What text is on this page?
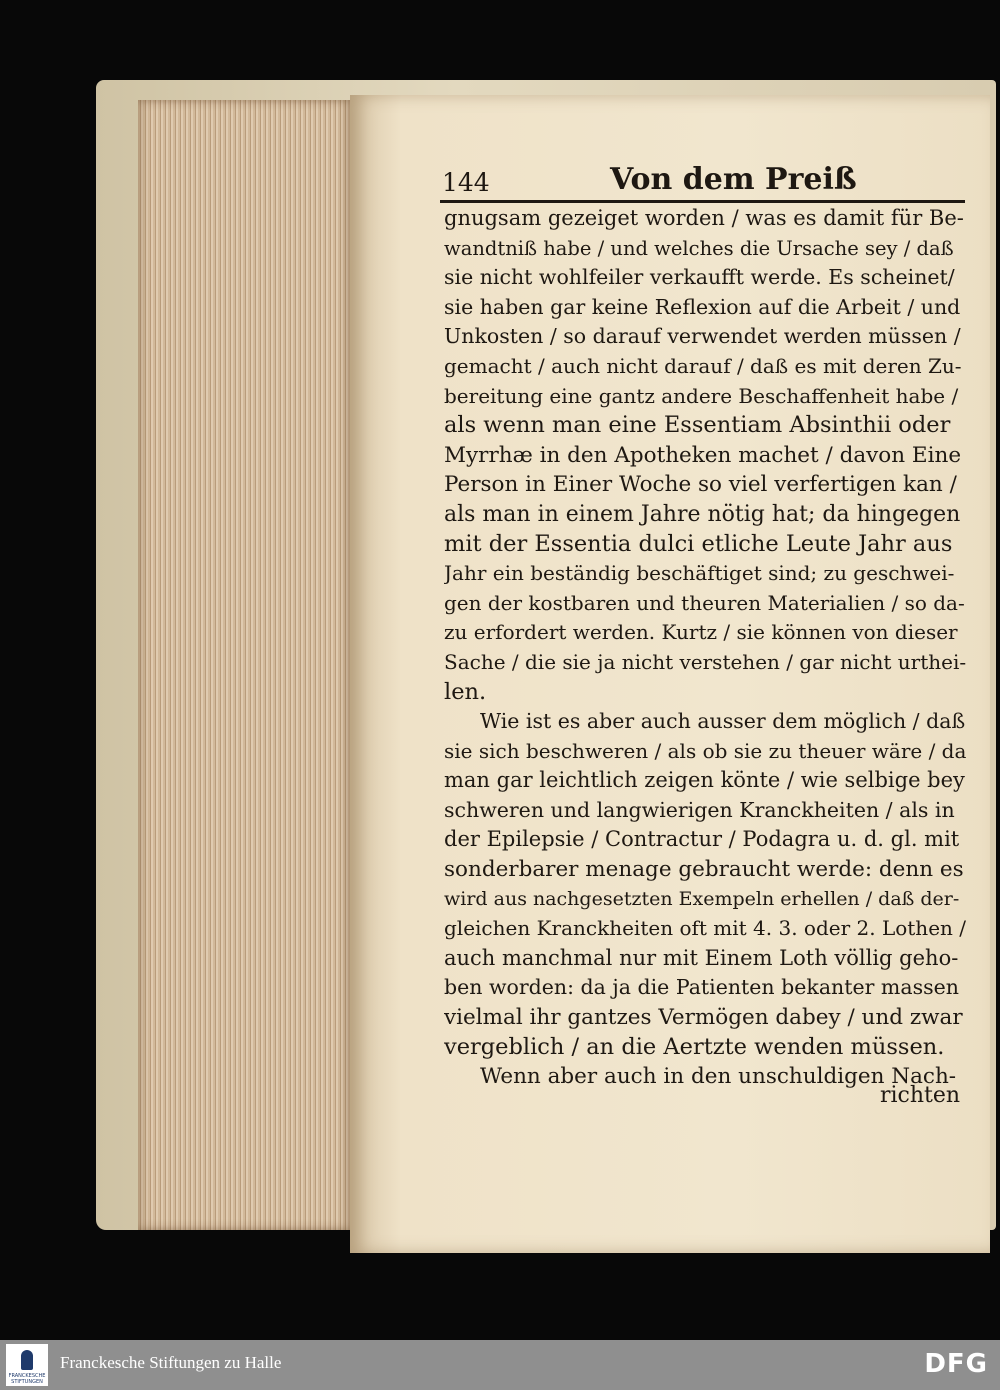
144	Von dem Preiß
gnugsam gezeiget worden / was es damit für Be-
wandtniß habe / und welches die Ursache sey / daß
sie nicht wohlfeiler verkaufft werde. Es scheinet/
sie haben gar keine Reflexion auf die Arbeit / und
Unkosten / so darauf verwendet werden müssen /
gemacht / auch nicht darauf / daß es mit deren Zu-
bereitung eine gantz andere Beschaffenheit habe /
als wenn man eine Essentiam Absinthii oder
Myrrhæ in den Apotheken machet / davon Eine
Person in Einer Woche so viel verfertigen kan /
als man in einem Jahre nötig hat; da hingegen
mit der Essentia dulci etliche Leute Jahr aus
Jahr ein beständig beschäftiget sind; zu geschwei-
gen der kostbaren und theuren Materialien / so da-
zu erfordert werden. Kurtz / sie können von dieser
Sache / die sie ja nicht verstehen / gar nicht urthei-
len.
Wie ist es aber auch ausser dem möglich / daß
sie sich beschweren / als ob sie zu theuer wäre / da
man gar leichtlich zeigen könte / wie selbige bey
schweren und langwierigen Kranckheiten / als in
der Epilepsie / Contractur / Podagra u. d. gl. mit
sonderbarer menage gebraucht werde: denn es
wird aus nachgesetzten Exempeln erhellen / daß der-
gleichen Kranckheiten oft mit 4. 3. oder 2. Lothen /
auch manchmal nur mit Einem Loth völlig geho-
ben worden: da ja die Patienten bekanter massen
vielmal ihr gantzes Vermögen dabey / und zwar
vergeblich / an die Aertzte wenden müssen.
Wenn aber auch in den unschuldigen Nach-
richten
FRANCKESCHE
STIFTUNGEN
Franckesche Stiftungen zu Halle	DFG
